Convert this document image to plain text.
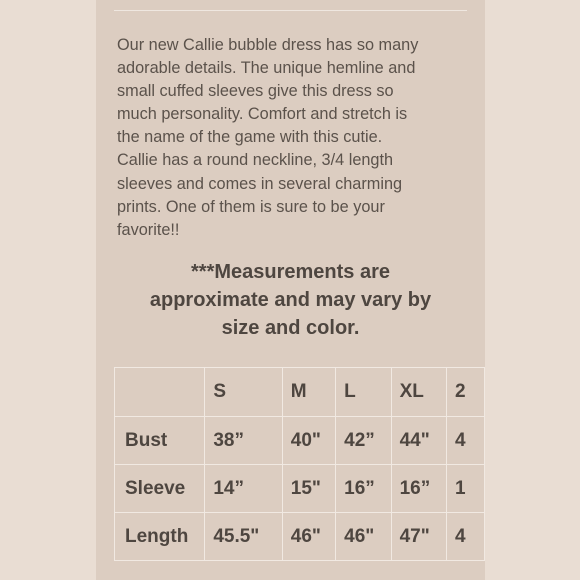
Our new Callie bubble dress has so many
adorable details. The unique hemline and
small cuffed sleeves give this dress so
much personality. Comfort and stretch is
the name of the game with this cutie.
Callie has a round neckline, 3/4 length
sleeves and comes in several charming
prints. One of them is sure to be your
favorite!!

***Measurements are
approximate and may vary by
size and color.

	S	M	L	XL	2
Bust	38”	40"	42”	44"	4
Sleeve	14”	15"	16”	16”	1
Length	45.5"	46"	46"	47"	4
